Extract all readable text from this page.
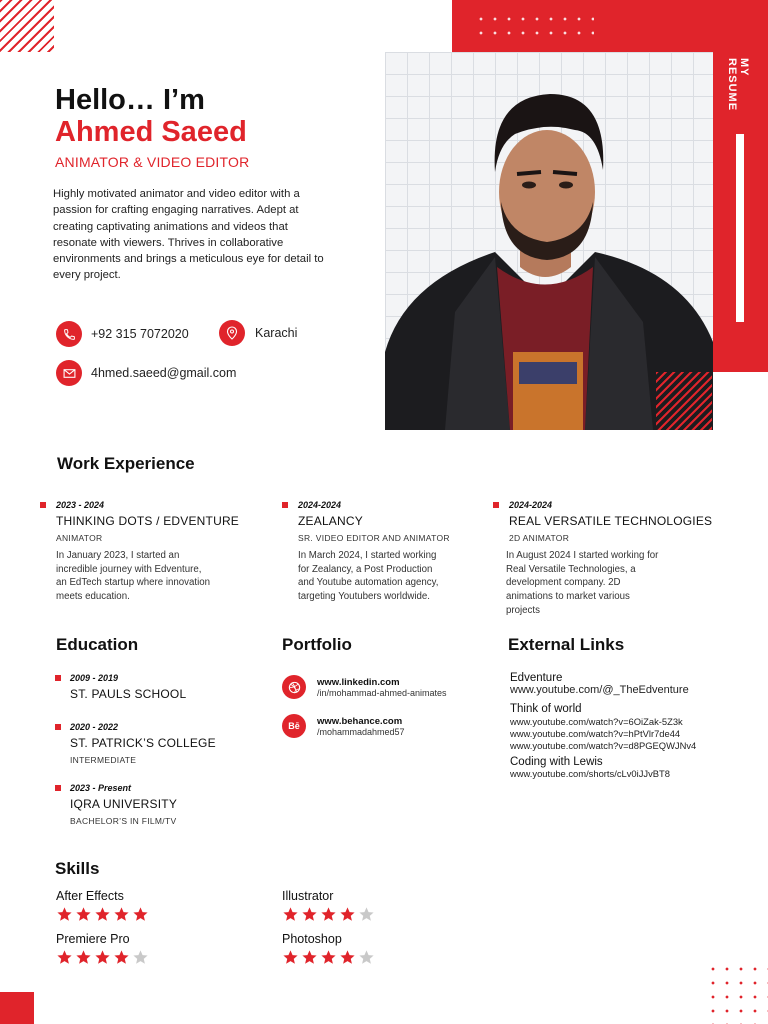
MY RESUME
Hello… I’m
Ahmed Saeed
ANIMATOR & VIDEO EDITOR
Highly motivated animator and video editor with a passion for crafting engaging narratives. Adept at creating captivating animations and videos that resonate with viewers. Thrives in collaborative environments and brings a meticulous eye for detail to every project.
+92 315 7072020	Karachi
4hmed.saeed@gmail.com
Work Experience
2023 - 2024
THINKING DOTS / EDVENTURE
ANIMATOR
In January 2023, I started an incredible journey with Edventure, an EdTech startup where innovation meets education.
2024-2024
ZEALANCY
SR. VIDEO EDITOR AND ANIMATOR
In March 2024, I started working for Zealancy, a Post Production and Youtube automation agency, targeting Youtubers worldwide.
2024-2024
REAL VERSATILE TECHNOLOGIES
2D ANIMATOR
In August 2024 I started working for Real Versatile Technologies, a development company. 2D animations to market various projects
Education
2009 - 2019
ST. PAULS SCHOOL
2020 - 2022
ST. PATRICK’S COLLEGE
INTERMEDIATE
2023 - Present
IQRA UNIVERSITY
BACHELOR’S IN FILM/TV
Portfolio
www.linkedin.com
/in/mohammad-ahmed-animates
Bē	www.behance.com
/mohammadahmed57
External Links
Edventure
www.youtube.com/@_TheEdventure
Think of world
www.youtube.com/watch?v=6OiZak-5Z3k
www.youtube.com/watch?v=hPtVlr7de44
www.youtube.com/watch?v=d8PGEQWJNv4
Coding with Lewis
www.youtube.com/shorts/cLv0iJJvBT8
Skills
After Effects	Illustrator
Premiere Pro	Photoshop
